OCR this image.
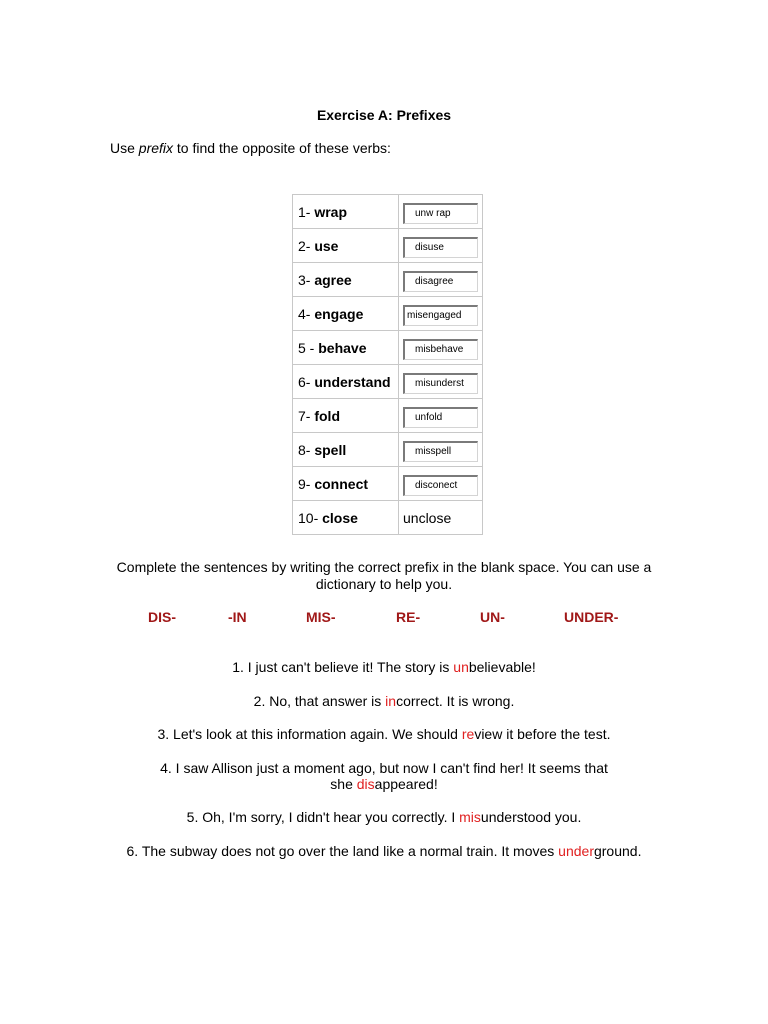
Exercise A: Prefixes
Use prefix to find the opposite of these verbs:
1- wrap	unw rap

2- use	disuse

3- agree	disagree

4- engage	misengaged

5 - behave	misbehave

6- understand	misunderst

7- fold	unfold

8- spell	misspell

9- connect	disconect

10- close	unclose
Complete the sentences by writing the correct prefix in the blank space. You can use a dictionary to help you.
DIS-	-IN	MIS-	RE-	UN-	UNDER-
1. I just can't believe it! The story is unbelievable!
2. No, that answer is incorrect. It is wrong.
3. Let's look at this information again. We should review it before the test.
4. I saw Allison just a moment ago, but now I can't find her! It seems that
she disappeared!
5. Oh, I'm sorry, I didn't hear you correctly. I misunderstood you.
6. The subway does not go over the land like a normal train. It moves underground.
